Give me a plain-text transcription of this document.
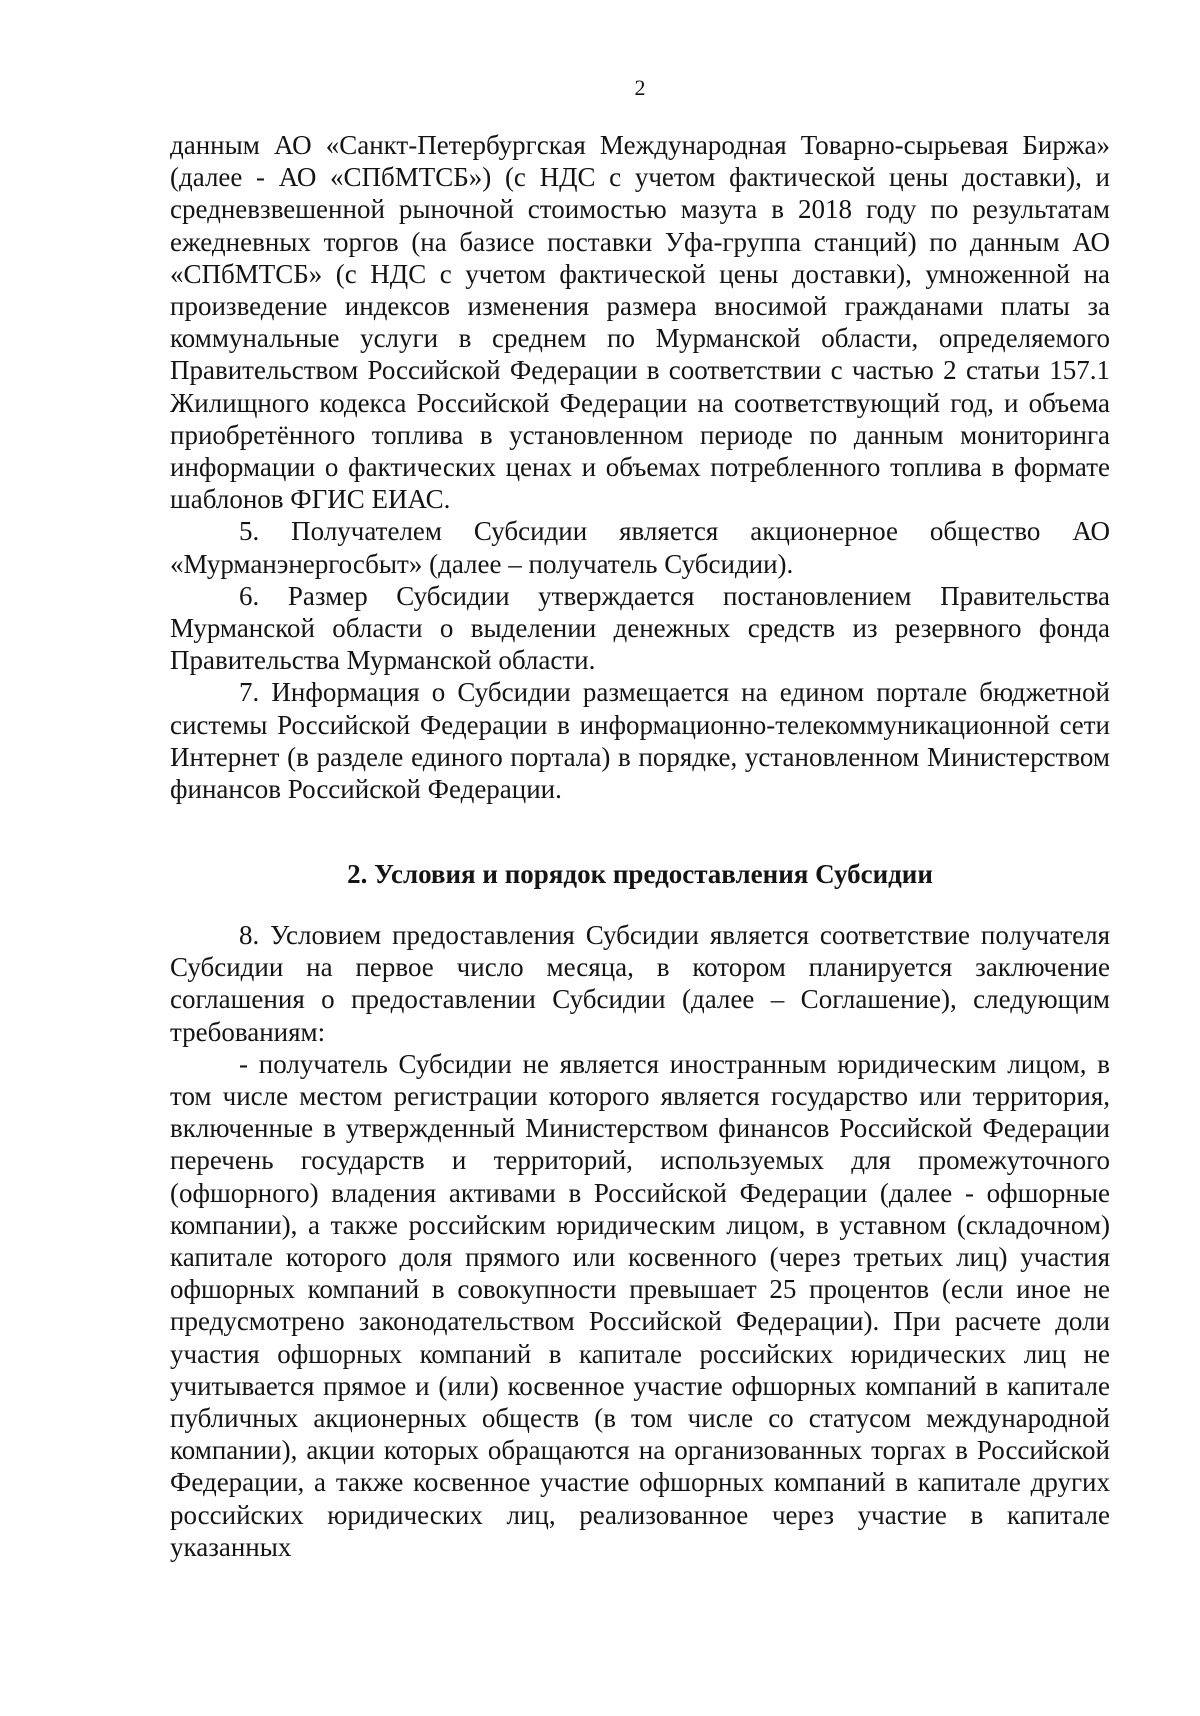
2

данным АО «Санкт-Петербургская Международная Товарно-сырьевая Биржа» (далее - АО «СПбМТСБ») (с НДС с учетом фактической цены доставки), и средневзвешенной рыночной стоимостью мазута в 2018 году по результатам ежедневных торгов (на базисе поставки Уфа-группа станций) по данным АО «СПбМТСБ» (с НДС с учетом фактической цены доставки), умноженной на произведение индексов изменения размера вносимой гражданами платы за коммунальные услуги в среднем по Мурманской области, определяемого Правительством Российской Федерации в соответствии с частью 2 статьи 157.1 Жилищного кодекса Российской Федерации на соответствующий год, и объема приобретённого топлива в установленном периоде по данным мониторинга информации о фактических ценах и объемах потребленного топлива в формате шаблонов ФГИС ЕИАС.

5. Получателем Субсидии является акционерное общество АО «Мурманэнергосбыт» (далее – получатель Субсидии).

6. Размер Субсидии утверждается постановлением Правительства Мурманской области о выделении денежных средств из резервного фонда Правительства Мурманской области.

7. Информация о Субсидии размещается на едином портале бюджетной системы Российской Федерации в информационно-телекоммуникационной сети Интернет (в разделе единого портала) в порядке, установленном Министерством финансов Российской Федерации.

2. Условия и порядок предоставления Субсидии

8. Условием предоставления Субсидии является соответствие получателя Субсидии на первое число месяца, в котором планируется заключение соглашения о предоставлении Субсидии (далее – Соглашение), следующим требованиям:

- получатель Субсидии не является иностранным юридическим лицом, в том числе местом регистрации которого является государство или территория, включенные в утвержденный Министерством финансов Российской Федерации перечень государств и территорий, используемых для промежуточного (офшорного) владения активами в Российской Федерации (далее - офшорные компании), а также российским юридическим лицом, в уставном (складочном) капитале которого доля прямого или косвенного (через третьих лиц) участия офшорных компаний в совокупности превышает 25 процентов (если иное не предусмотрено законодательством Российской Федерации). При расчете доли участия офшорных компаний в капитале российских юридических лиц не учитывается прямое и (или) косвенное участие офшорных компаний в капитале публичных акционерных обществ (в том числе со статусом международной компании), акции которых обращаются на организованных торгах в Российской Федерации, а также косвенное участие офшорных компаний в капитале других российских юридических лиц, реализованное через участие в капитале указанных
